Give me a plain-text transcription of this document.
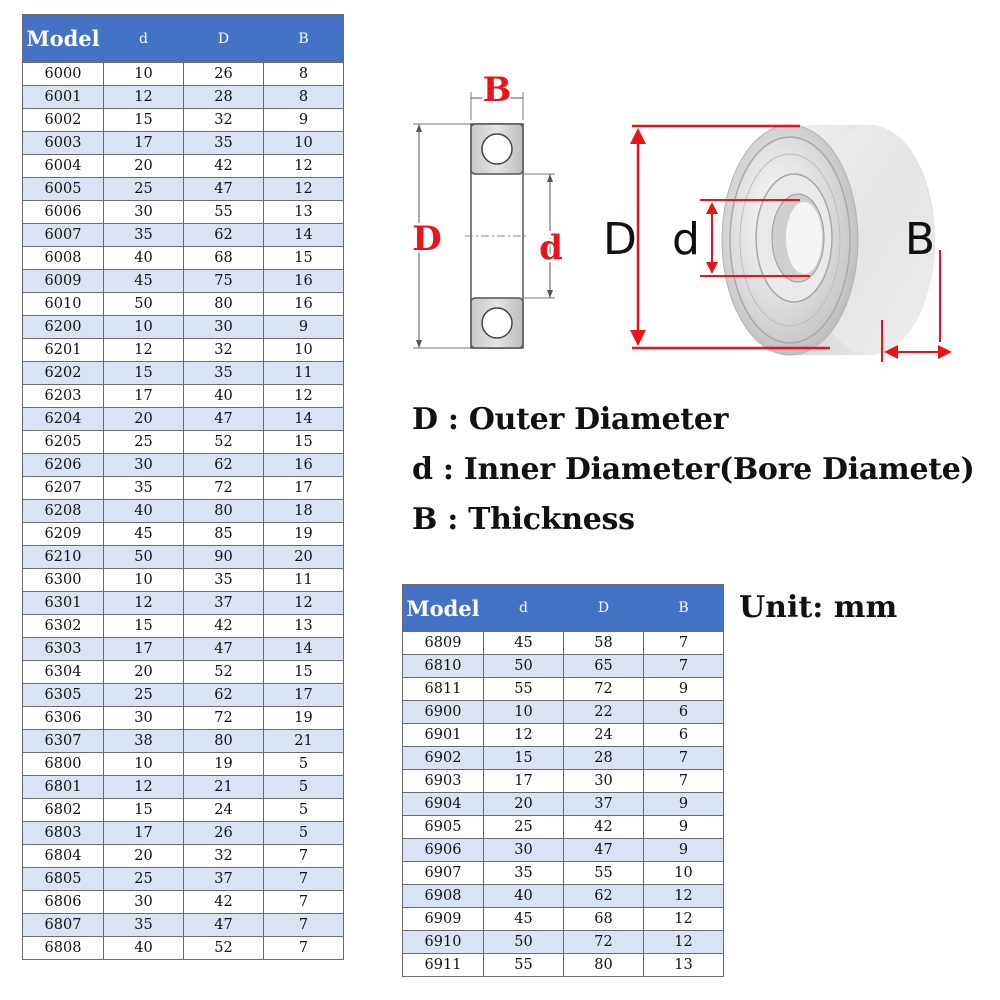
Model	d	D	B
6000	10	26	8
6001	12	28	8
6002	15	32	9
6003	17	35	10
6004	20	42	12
6005	25	47	12
6006	30	55	13
6007	35	62	14
6008	40	68	15
6009	45	75	16
6010	50	80	16
6200	10	30	9
6201	12	32	10
6202	15	35	11
6203	17	40	12
6204	20	47	14
6205	25	52	15
6206	30	62	16
6207	35	72	17
6208	40	80	18
6209	45	85	19
6210	50	90	20
6300	10	35	11
6301	12	37	12
6302	15	42	13
6303	17	47	14
6304	20	52	15
6305	25	62	17
6306	30	72	19
6307	38	80	21
6800	10	19	5
6801	12	21	5
6802	15	24	5
6803	17	26	5
6804	20	32	7
6805	25	37	7
6806	30	42	7
6807	35	47	7
6808	40	52	7
Model	d	D	B
6809	45	58	7
6810	50	65	7
6811	55	72	9
6900	10	22	6
6901	12	24	6
6902	15	28	7
6903	17	30	7
6904	20	37	9
6905	25	42	9
6906	30	47	9
6907	35	55	10
6908	40	62	12
6909	45	68	12
6910	50	72	12
6911	55	80	13
B
D	d D d	B
D : Outer Diameter
d : Inner Diameter(Bore Diamete)
B : Thickness
Unit: mm
